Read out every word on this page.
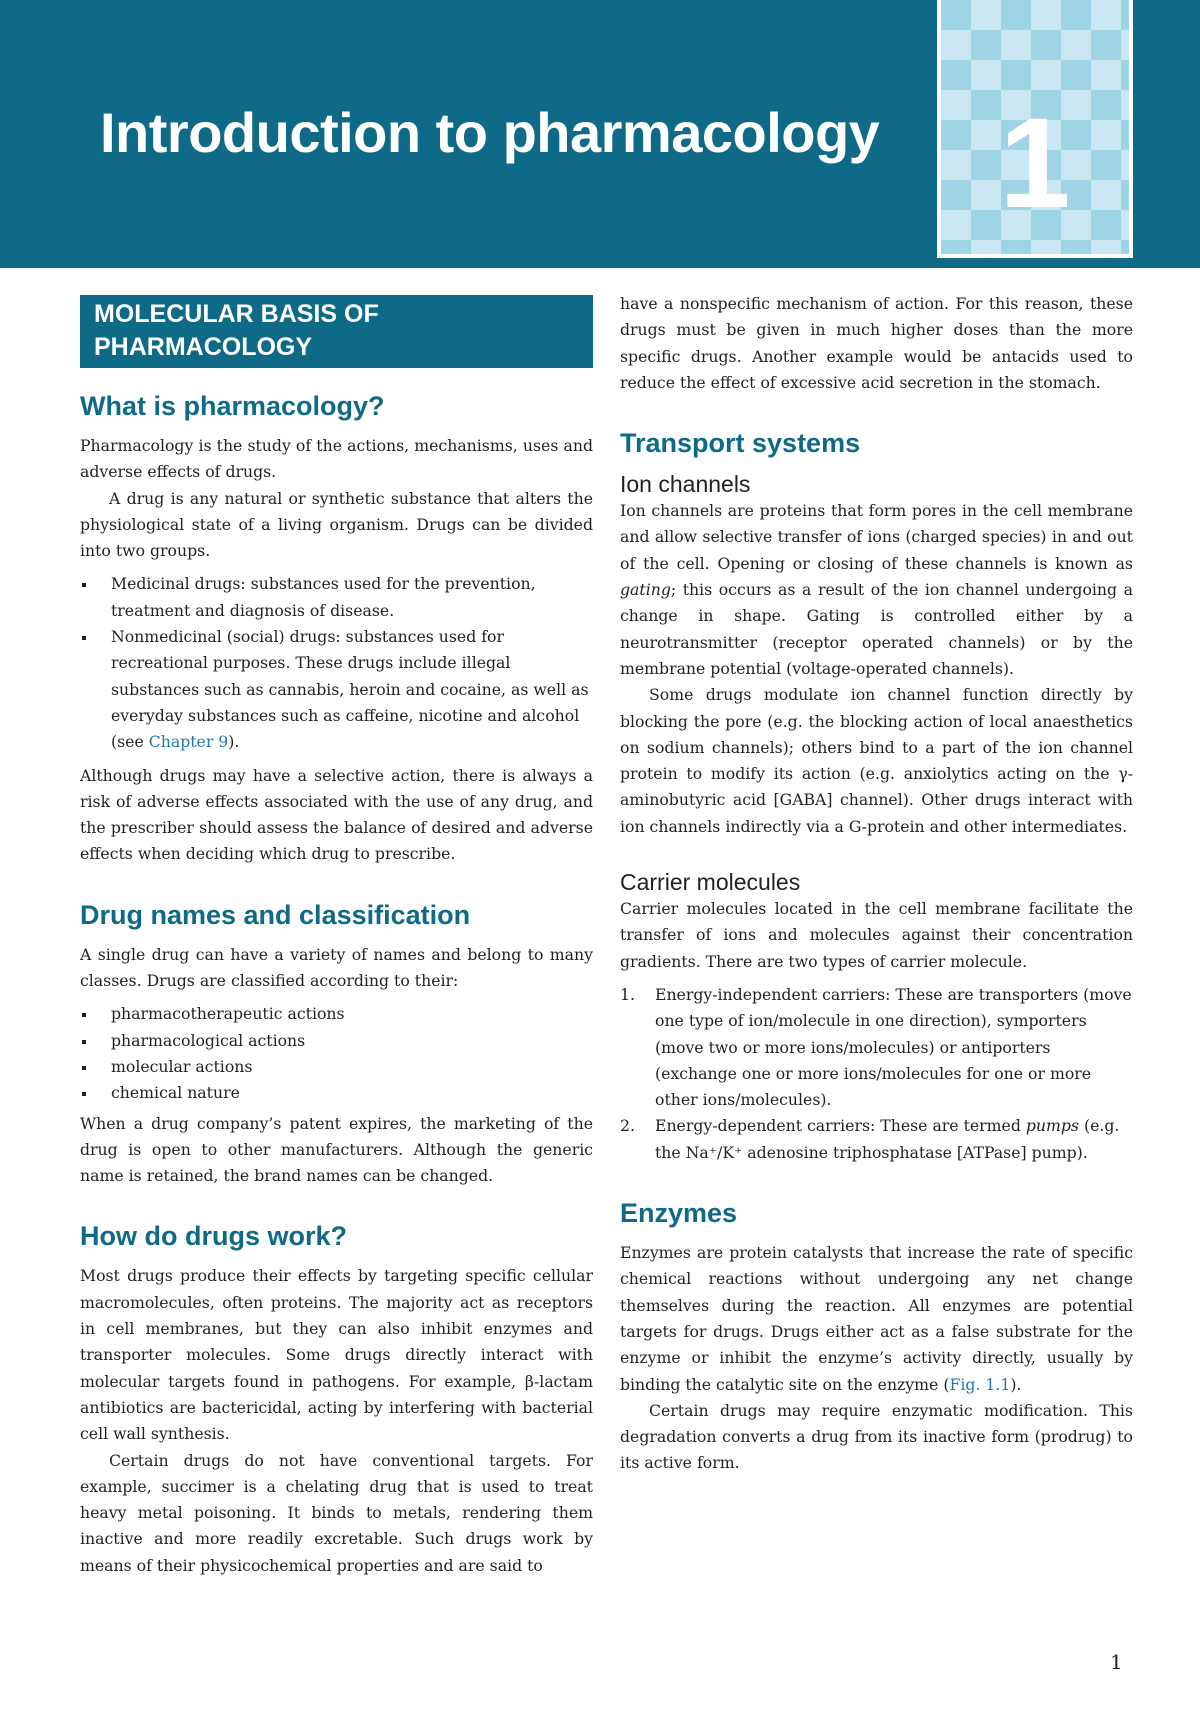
Introduction to pharmacology 1
MOLECULAR BASIS OF
PHARMACOLOGY
What is pharmacology?

Pharmacology is the study of the actions, mechanisms, uses and adverse effects of drugs.

A drug is any natural or synthetic substance that alters the physiological state of a living organism. Drugs can be divided into two groups.

Medicinal drugs: substances used for the prevention, treatment and diagnosis of disease.
Nonmedicinal (social) drugs: substances used for recreational purposes. These drugs include illegal substances such as cannabis, heroin and cocaine, as well as everyday substances such as caffeine, nicotine and alcohol (see Chapter 9).

Although drugs may have a selective action, there is always a risk of adverse effects associated with the use of any drug, and the prescriber should assess the balance of desired and adverse effects when deciding which drug to prescribe.

Drug names and classification

A single drug can have a variety of names and belong to many classes. Drugs are classified according to their:

pharmacotherapeutic actions
pharmacological actions
molecular actions
chemical nature

When a drug company’s patent expires, the marketing of the drug is open to other manufacturers. Although the generic name is retained, the brand names can be changed.

How do drugs work?

Most drugs produce their effects by targeting specific cellular macromolecules, often proteins. The majority act as receptors in cell membranes, but they can also inhibit enzymes and transporter molecules. Some drugs directly interact with molecular targets found in pathogens. For example, β-lactam antibiotics are bactericidal, acting by interfering with bacterial cell wall synthesis.

Certain drugs do not have conventional targets. For example, succimer is a chelating drug that is used to treat heavy metal poisoning. It binds to metals, rendering them inactive and more readily excretable. Such drugs work by means of their physicochemical properties and are said to

have a nonspecific mechanism of action. For this reason, these drugs must be given in much higher doses than the more specific drugs. Another example would be antacids used to reduce the effect of excessive acid secretion in the stomach.

Transport systems
Ion channels

Ion channels are proteins that form pores in the cell membrane and allow selective transfer of ions (charged species) in and out of the cell. Opening or closing of these channels is known as gating; this occurs as a result of the ion channel undergoing a change in shape. Gating is controlled either by a neurotransmitter (receptor operated channels) or by the membrane potential (voltage-operated channels).

Some drugs modulate ion channel function directly by blocking the pore (e.g. the blocking action of local anaesthetics on sodium channels); others bind to a part of the ion channel protein to modify its action (e.g. anxiolytics acting on the γ-aminobutyric acid [GABA] channel). Other drugs interact with ion channels indirectly via a G-protein and other intermediates.

Carrier molecules

Carrier molecules located in the cell membrane facilitate the transfer of ions and molecules against their concentration gradients. There are two types of carrier molecule.

1. Energy-independent carriers: These are transporters (move one type of ion/molecule in one direction), symporters (move two or more ions/molecules) or antiporters (exchange one or more ions/molecules for one or more other ions/molecules).
2. Energy-dependent carriers: These are termed pumps (e.g. the Na⁺/K⁺ adenosine triphosphatase [ATPase] pump).
Enzymes

Enzymes are protein catalysts that increase the rate of specific chemical reactions without undergoing any net change themselves during the reaction. All enzymes are potential targets for drugs. Drugs either act as a false substrate for the enzyme or inhibit the enzyme’s activity directly, usually by binding the catalytic site on the enzyme (Fig. 1.1).

Certain drugs may require enzymatic modification. This degradation converts a drug from its inactive form (prodrug) to its active form.

1
